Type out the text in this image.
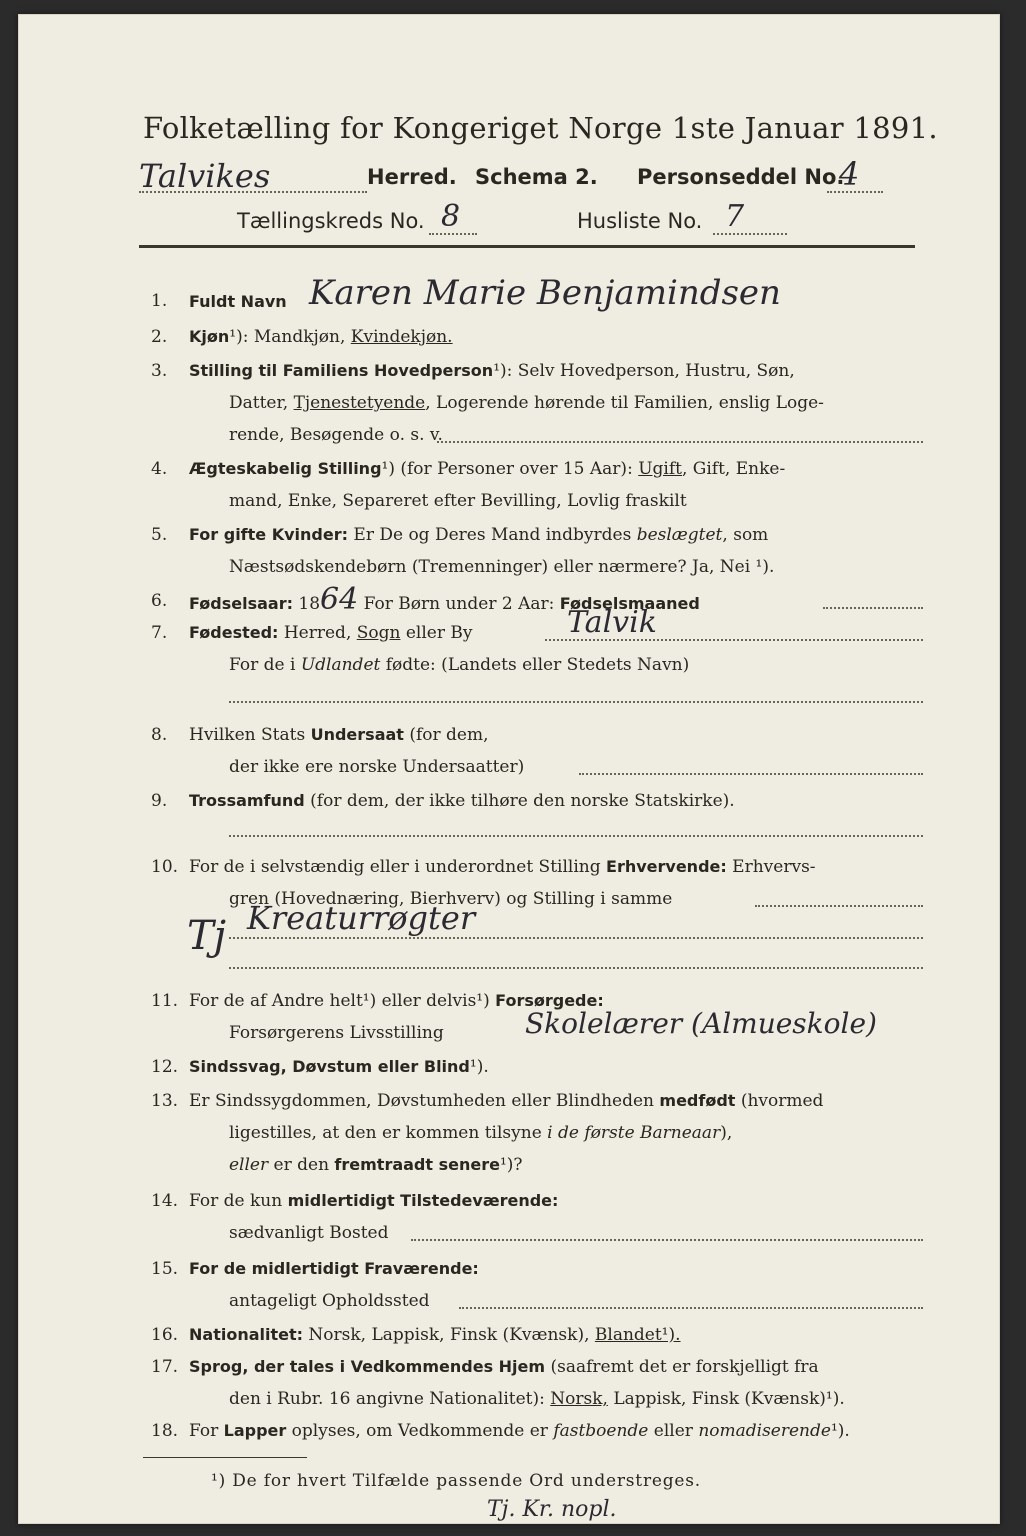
Folketælling for Kongeriget Norge 1ste Januar 1891.
Talvikes	Herred. Schema 2. Personseddel No.
4
Tællingskreds No. 8	Husliste No. 7
1. Fuldt Navn Karen Marie Benjamindsen
2. Kjøn¹): Mandkjøn, Kvindekjøn.
3. Stilling til Familiens Hovedperson¹): Selv Hovedperson, Hustru, Søn,
Datter, Tjenestetyende, Logerende hørende til Familien, enslig Loge-
rende, Besøgende o. s. v.
4. Ægteskabelig Stilling¹) (for Personer over 15 Aar): Ugift, Gift, Enke-
mand, Enke, Separeret efter Bevilling, Lovlig fraskilt
5. For gifte Kvinder: Er De og Deres Mand indbyrdes beslægtet, som
Næstsødskendebørn (Tremenninger) eller nærmere? Ja, Nei ¹).
6. Fødselsaar: 1864 For Børn under 2 Aar: Fødselsmaaned
7. Fødested: Herred, Sogn eller By	Talvik
For de i Udlandet fødte: (Landets eller Stedets Navn)
8. Hvilken Stats Undersaat (for dem,
der ikke ere norske Undersaatter)
9. Trossamfund (for dem, der ikke tilhøre den norske Statskirke).
10. For de i selvstændig eller i underordnet Stilling Erhvervende: Erhvervs-
gren (Hovednæring, Bierhverv) og Stilling i samme
Kreaturrøgter
Tj
11. For de af Andre helt¹) eller delvis¹) Forsørgede:
Forsørgerens Livsstilling	Skolelærer (Almueskole)
12. Sindssvag, Døvstum eller Blind¹).
13. Er Sindssygdommen, Døvstumheden eller Blindheden medfødt (hvormed
ligestilles, at den er kommen tilsyne i de første Barneaar),
eller er den fremtraadt senere¹)?
14. For de kun midlertidigt Tilstedeværende:
sædvanligt Bosted
15. For de midlertidigt Fraværende:
antageligt Opholdssted
16. Nationalitet: Norsk, Lappisk, Finsk (Kvænsk), Blandet¹).
17. Sprog, der tales i Vedkommendes Hjem (saafremt det er forskjelligt fra
den i Rubr. 16 angivne Nationalitet): Norsk, Lappisk, Finsk (Kvænsk)¹).
18. For Lapper oplyses, om Vedkommende er fastboende eller nomadiserende¹).
¹) De for hvert Tilfælde passende Ord understreges.
Tj. Kr. nopl.
